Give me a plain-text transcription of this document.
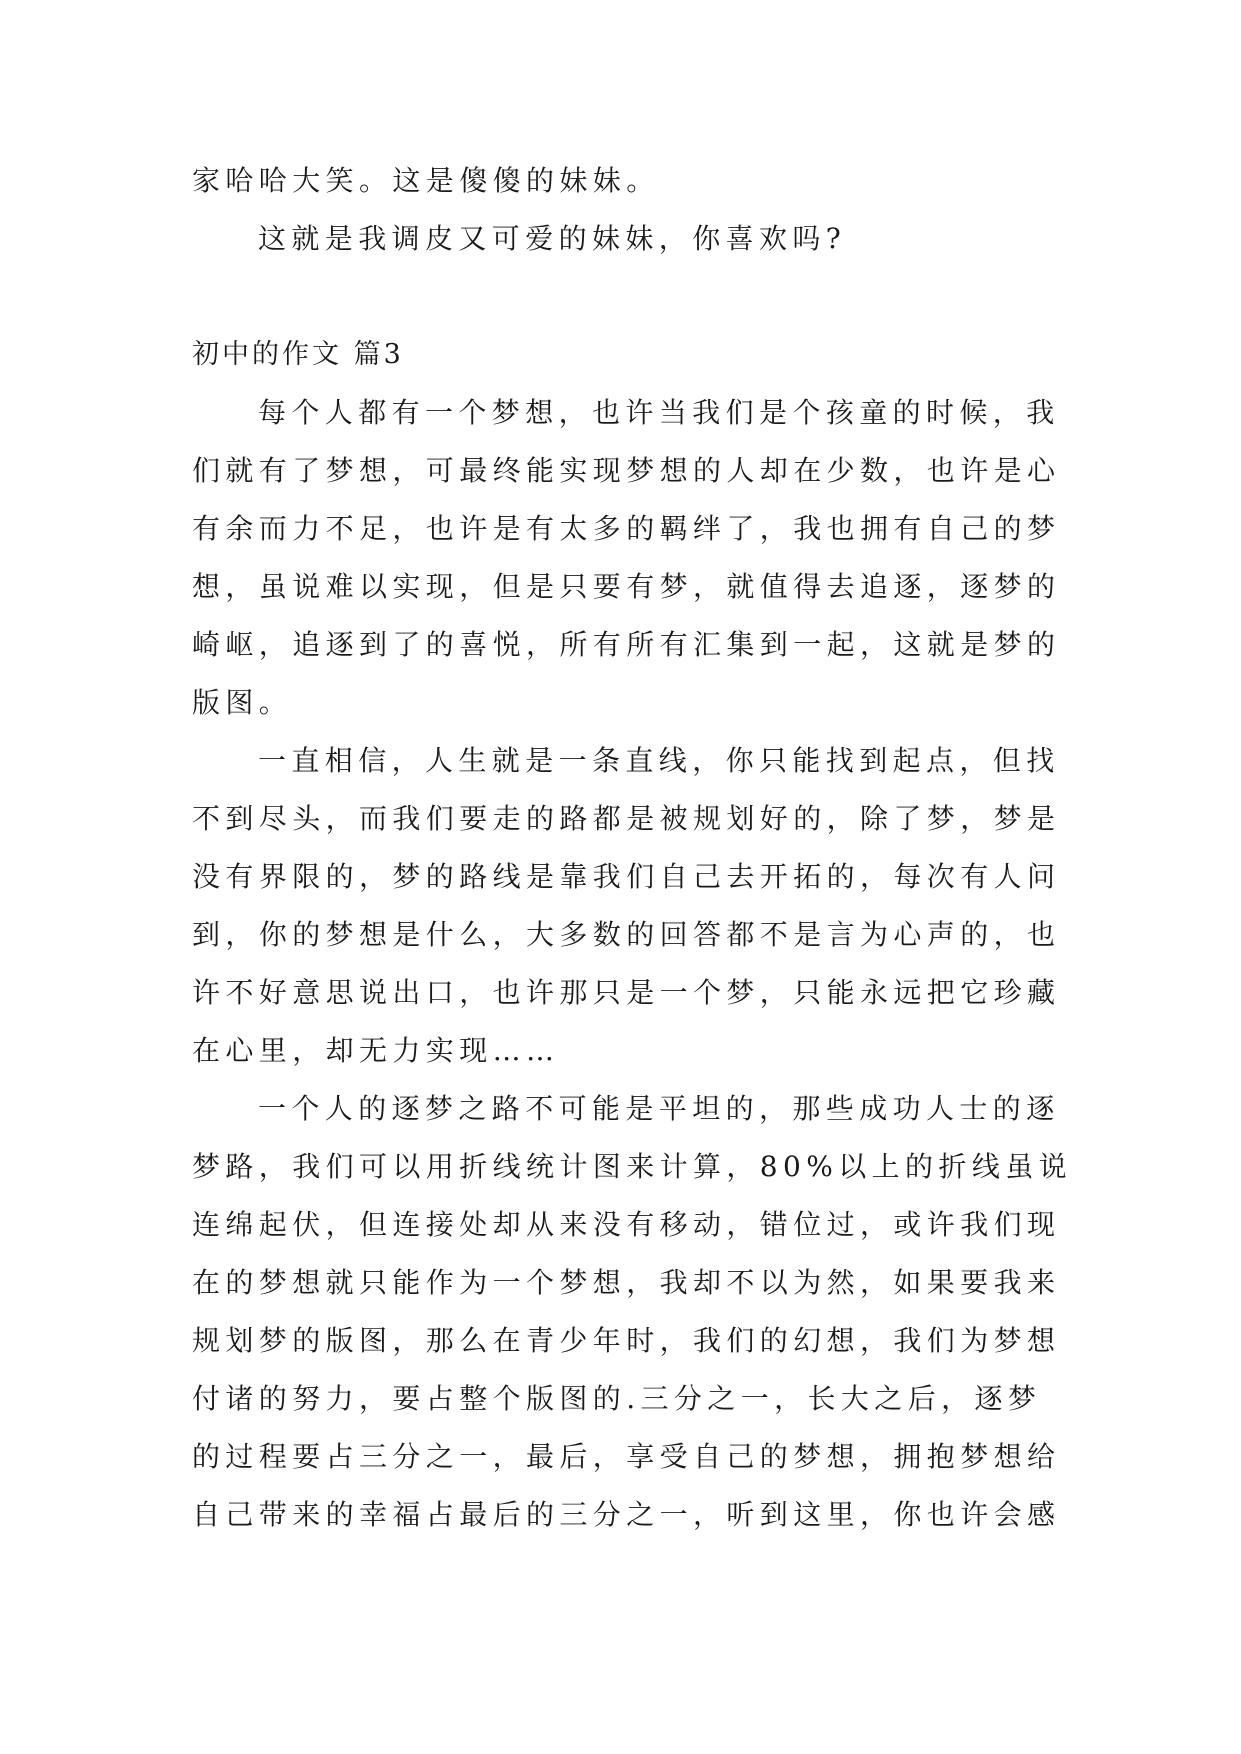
家哈哈大笑。这是傻傻的妹妹。
这就是我调皮又可爱的妹妹，你喜欢吗?
初中的作文 篇3
每个人都有一个梦想，也许当我们是个孩童的时候，我
们就有了梦想，可最终能实现梦想的人却在少数，也许是心
有余而力不足，也许是有太多的羁绊了，我也拥有自己的梦
想，虽说难以实现，但是只要有梦，就值得去追逐，逐梦的
崎岖，追逐到了的喜悦，所有所有汇集到一起，这就是梦的
版图。
一直相信，人生就是一条直线，你只能找到起点，但找
不到尽头，而我们要走的路都是被规划好的，除了梦，梦是
没有界限的，梦的路线是靠我们自己去开拓的，每次有人问
到，你的梦想是什么，大多数的回答都不是言为心声的，也
许不好意思说出口，也许那只是一个梦，只能永远把它珍藏
在心里，却无力实现……
一个人的逐梦之路不可能是平坦的，那些成功人士的逐
梦路，我们可以用折线统计图来计算，80%以上的折线虽说
连绵起伏，但连接处却从来没有移动，错位过，或许我们现
在的梦想就只能作为一个梦想，我却不以为然，如果要我来
规划梦的版图，那么在青少年时，我们的幻想，我们为梦想
付诸的努力，要占整个版图的.三分之一，长大之后，逐梦
的过程要占三分之一，最后，享受自己的梦想，拥抱梦想给
自己带来的幸福占最后的三分之一，听到这里，你也许会感
